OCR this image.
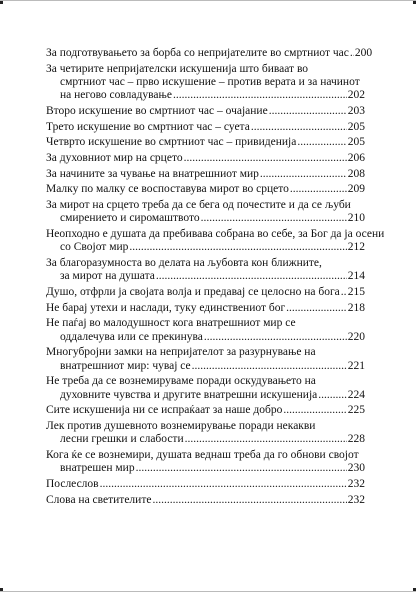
За подготвувањето за борба со непријателите во смртниот час ..... 200
За четирите непријателски искушенија што биваат во
смртниот час – прво искушение – против верата и за начинот
на негово совладување .....	202
Второ искушение во смртниот час – очајание .....	203
Трето искушение во смртниот час – суета .....	205
Четврто искушение во смртниот час – привиденија .....	205
За духовниот мир на срцето .....	206
За начините за чување на внатрешниот мир .....	208
Малку по малку се воспоставува мирот во срцето .....	209
За мирот на срцето треба да се бега од почестите и да се љуби
смирението и сиромаштвото .....	210
Неопходно е душата да пребивава собрана во себе, за Бог да ја осени
со Својот мир .....	212
За благоразумноста во делата на љубовта кон ближните,
за мирот на душата .....	214
Душо, отфрли ја својата волја и предавај се целосно на бога ..... 215
Не барај утехи и наслади, туку единствениот бог .....	218
Не паѓај во малодушност кога внатрешниот мир се
оддалечува или се прекинува .....	220
Многубројни замки на непријателот за разурнување на
внатрешниот мир: чувај се .....	221
Не треба да се вознемируваме поради оскудувањето на
духовните чувства и другите внатрешни искушенија .....	224
Сите искушенија ни се испраќаат за наше добро .....	225
Лек против душевното вознемирување поради некакви
лесни грешки и слабости .....	228
Кога ќе се вознемири, душата веднаш треба да го обнови својот
внатрешен мир .....	230
Послеслов .....	232
Слова на светителите .....	232
